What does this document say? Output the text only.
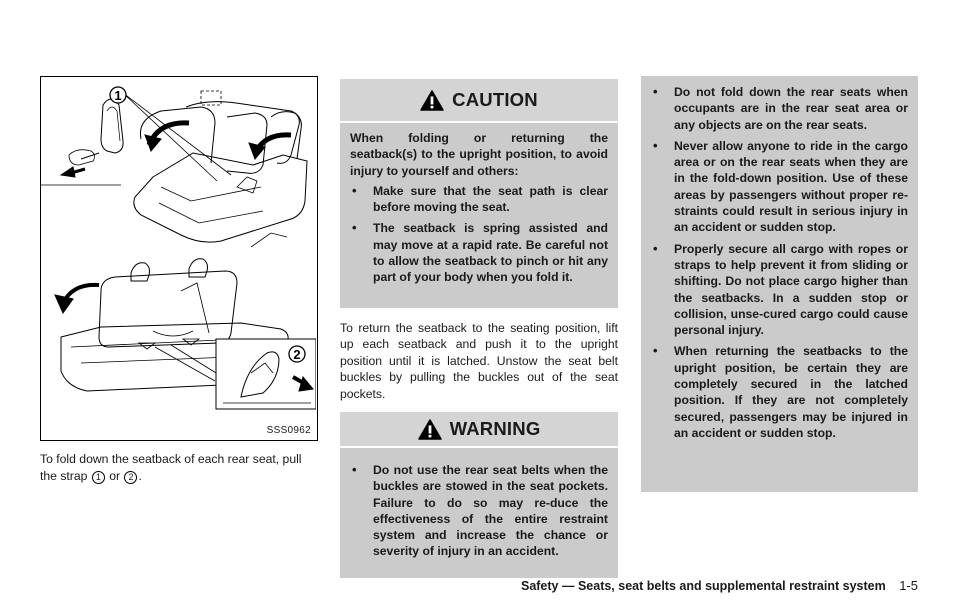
1
2
SSS0962
To fold down the seatback of each rear seat, pull the strap 1 or 2 .
CAUTION

When folding or returning the

seatback(s) to the upright position, to avoid injury to yourself and others:

• Make sure that the seat path is clear before moving the seat.
• The seatback is spring assisted and may move at a rapid rate. Be careful not to allow the seatback to pinch or hit any part of your body when you fold it.

To return the seatback to the seating position, lift up each seatback and push it to the upright position until it is latched. Unstow the seat belt buckles by pulling the buckles out of the seat pockets.

WARNING
• Do not use the rear seat belts when the buckles are stowed in the seat pockets. Failure to do so may re-duce the effectiveness of the entire restraint system and increase the chance or severity of injury in an accident.
• Do not fold down the rear seats when occupants are in the rear seat area or any objects are on the rear seats.
• Never allow anyone to ride in the cargo area or on the rear seats when they are in the fold-down position. Use of these areas by passengers without proper re-straints could result in serious injury in an accident or sudden stop.
• Properly secure all cargo with ropes or straps to help prevent it from sliding or shifting. Do not place cargo higher than the seatbacks. In a sudden stop or collision, unse-cured cargo could cause personal injury.
• When returning the seatbacks to the upright position, be certain they are completely secured in the latched position. If they are not completely secured, passengers may be injured in an accident or sudden stop.
Safety — Seats, seat belts and supplemental restraint system 1-5
